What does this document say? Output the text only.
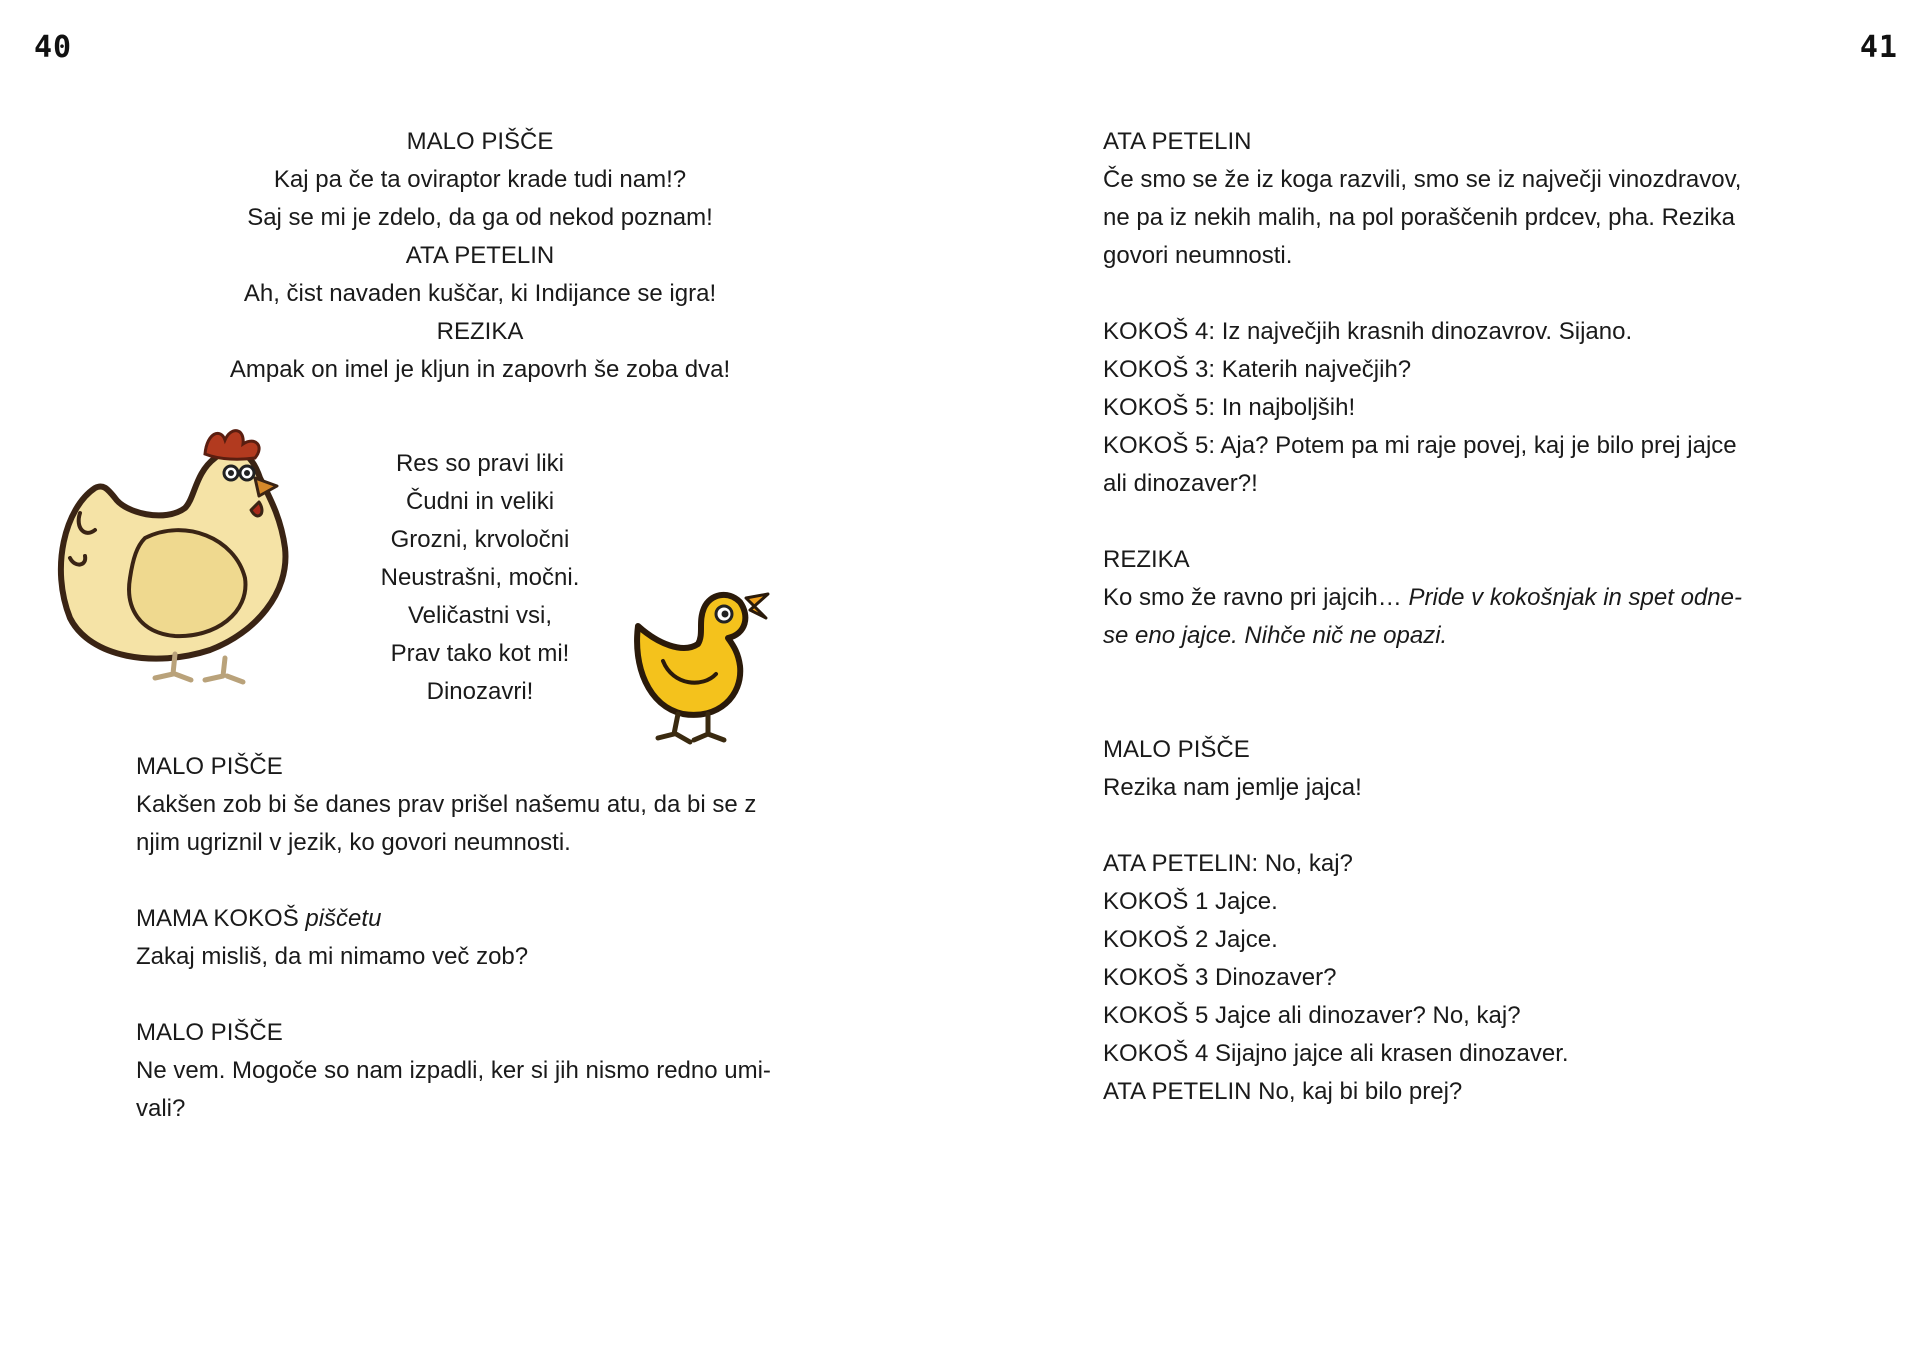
40	41

MALO PIŠČE

Kaj pa če ta oviraptor krade tudi nam!?

Saj se mi je zdelo, da ga od nekod poznam!

ATA PETELIN

Ah, čist navaden kuščar, ki Indijance se igra!

REZIKA

Ampak on imel je kljun in zapovrh še zoba dva!

Res so pravi liki

Čudni in veliki

Grozni, krvoločni

Neustrašni, močni.

Veličastni vsi,

Prav tako kot mi!

Dinozavri!

MALO PIŠČE

Kakšen zob bi še danes prav prišel našemu atu, da bi se z

njim ugriznil v jezik, ko govori neumnosti.

MAMA KOKOŠ piščetu

Zakaj misliš, da mi nimamo več zob?

MALO PIŠČE

Ne vem. Mogoče so nam izpadli, ker si jih nismo redno umi-

vali?

ATA PETELIN

Če smo se že iz koga razvili, smo se iz največji vinozdravov,

ne pa iz nekih malih, na pol poraščenih prdcev, pha. Rezika

govori neumnosti.

KOKOŠ 4: Iz največjih krasnih dinozavrov. Sijano.

KOKOŠ 3: Katerih največjih?

KOKOŠ 5: In najboljših!

KOKOŠ 5: Aja? Potem pa mi raje povej, kaj je bilo prej jajce

ali dinozaver?!

REZIKA

Ko smo že ravno pri jajcih… Pride v kokošnjak in spet odne-

se eno jajce. Nihče nič ne opazi.

MALO PIŠČE

Rezika nam jemlje jajca!

ATA PETELIN: No, kaj?

KOKOŠ 1 Jajce.

KOKOŠ 2 Jajce.

KOKOŠ 3 Dinozaver?

KOKOŠ 5 Jajce ali dinozaver? No, kaj?

KOKOŠ 4 Sijajno jajce ali krasen dinozaver.

ATA PETELIN No, kaj bi bilo prej?
